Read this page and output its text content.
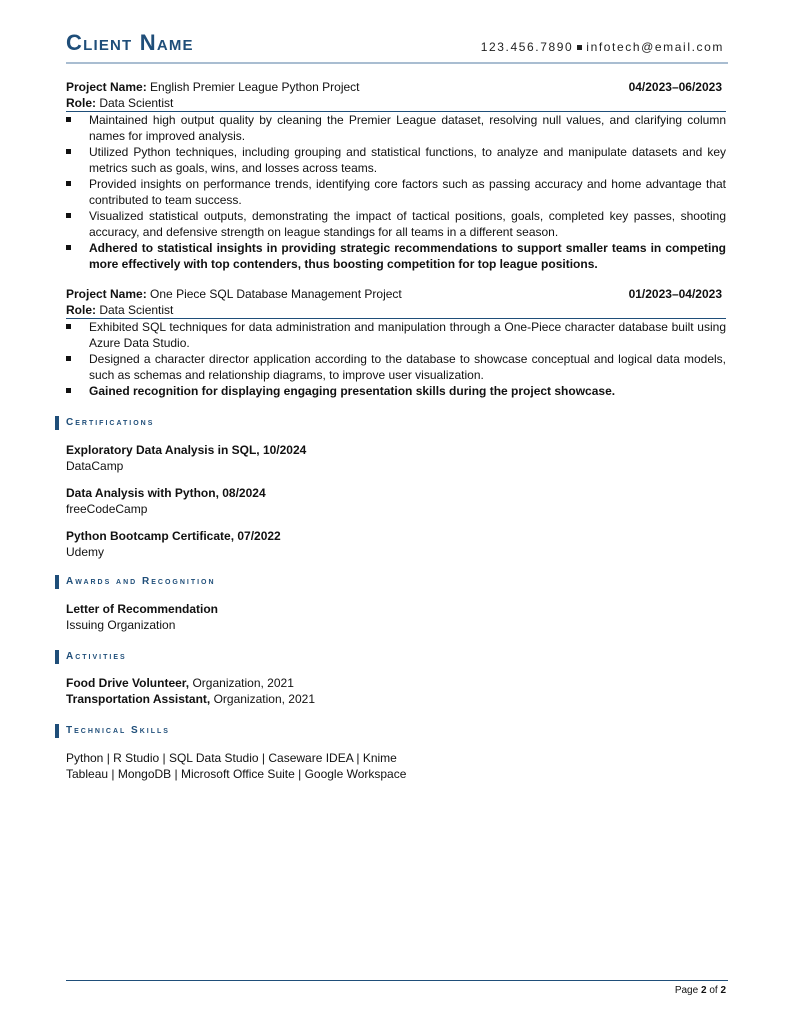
Client Name	123.456.7890 infotech@email.com
Project Name: English Premier League Python Project	04/2023–06/2023
Role: Data Scientist
Maintained high output quality by cleaning the Premier League dataset, resolving null values, and clarifying column names for improved analysis.
Utilized Python techniques, including grouping and statistical functions, to analyze and manipulate datasets and key metrics such as goals, wins, and losses across teams.
Provided insights on performance trends, identifying core factors such as passing accuracy and home advantage that contributed to team success.
Visualized statistical outputs, demonstrating the impact of tactical positions, goals, completed key passes, shooting accuracy, and defensive strength on league standings for all teams in a different season.
Adhered to statistical insights in providing strategic recommendations to support smaller teams in competing more effectively with top contenders, thus boosting competition for top league positions.
Project Name: One Piece SQL Database Management Project	01/2023–04/2023
Role: Data Scientist
Exhibited SQL techniques for data administration and manipulation through a One-Piece character database built using Azure Data Studio.
Designed a character director application according to the database to showcase conceptual and logical data models, such as schemas and relationship diagrams, to improve user visualization.
Gained recognition for displaying engaging presentation skills during the project showcase.
Certifications
Exploratory Data Analysis in SQL, 10/2024
DataCamp
Data Analysis with Python, 08/2024
freeCodeCamp
Python Bootcamp Certificate, 07/2022
Udemy
Awards and Recognition
Letter of Recommendation
Issuing Organization
Activities
Food Drive Volunteer, Organization, 2021
Transportation Assistant, Organization, 2021
Technical Skills
Python | R Studio | SQL Data Studio | Caseware IDEA | Knime
Tableau | MongoDB | Microsoft Office Suite | Google Workspace
Page 2 of 2
